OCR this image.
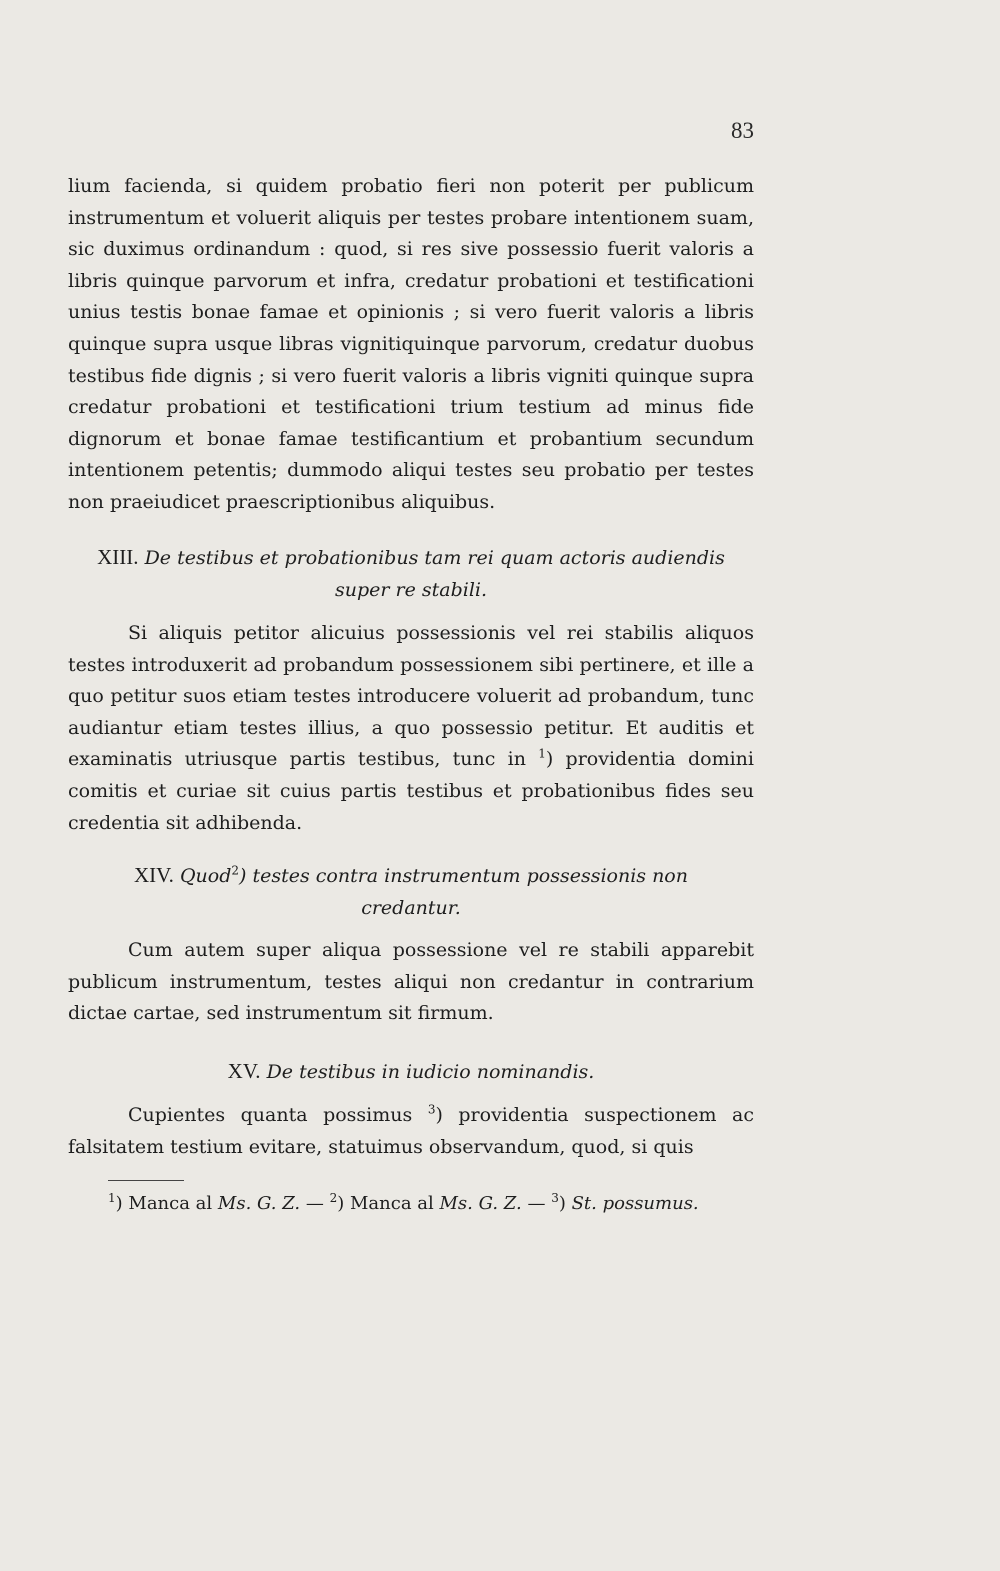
83

lium facienda, si quidem probatio fieri non poterit per publicum instrumentum et voluerit aliquis per testes probare intentionem suam, sic duximus ordinandum : quod, si res sive possessio fuerit valoris a libris quinque parvorum et infra, credatur probationi et testificationi unius testis bonae famae et opinionis ; si vero fuerit valoris a libris quinque supra usque libras vignitiquinque parvorum, credatur duobus testibus fide dignis ; si vero fuerit valoris a libris vigniti quinque supra credatur probationi et testificationi trium testium ad minus fide dignorum et bonae famae testificantium et probantium secundum intentionem petentis; dummodo aliqui testes seu probatio per testes non praeiudicet praescriptionibus aliquibus.

XIII. De testibus et probationibus tam rei quam actoris audiendis
super re stabili.

Si aliquis petitor alicuius possessionis vel rei stabilis aliquos testes introduxerit ad probandum possessionem sibi pertinere, et ille a quo petitur suos etiam testes introducere voluerit ad probandum, tunc audiantur etiam testes illius, a quo possessio petitur. Et auditis et examinatis utriusque partis testibus, tunc in $^1$) providentia domini comitis et curiae sit cuius partis testibus et probationibus fides seu credentia sit adhibenda.

XIV. Quod$^2$) testes contra instrumentum possessionis non
credantur.

Cum autem super aliqua possessione vel re stabili apparebit publicum instrumentum, testes aliqui non credantur in contrarium dictae cartae, sed instrumentum sit firmum.

XV. De testibus in iudicio nominandis.

Cupientes quanta possimus $^3$) providentia suspectionem ac falsitatem testium evitare, statuimus observandum, quod, si quis

$^1$) Manca al Ms. G. Z. — $^2$) Manca al Ms. G. Z. — $^3$) St. possumus.
